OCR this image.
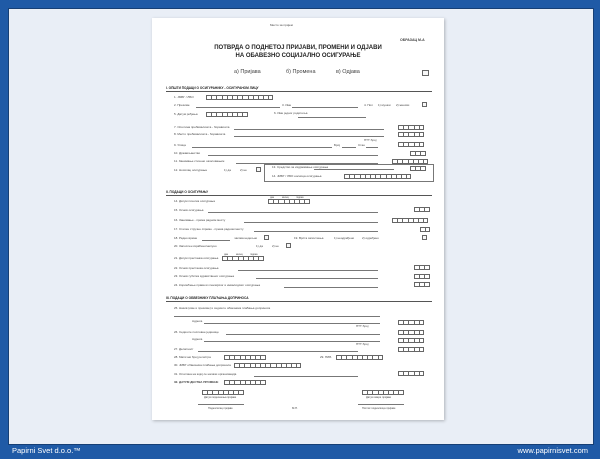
Место за пријем
ОБРАЗАЦ М-А
ПОТВРДА О ПОДНЕТОЈ ПРИЈАВИ, ПРОМЕНИ И ОДЈАВИ
НА ОБАВЕЗНО СОЦИЈАЛНО ОСИГУРАЊЕ
а) Пријава	б) Промена	в) Одјава
I. ОПШТИ ПОДАЦИ О ОСИГУРАНИКУ - ОСИГУРАНОМ ЛИЦУ
1. ЈМБГ / ЛБО
2. Презиме	3. Име	4. Пол 1) мушки 2) женски
5. Датум рођења	6. Име једног родитеља
7. Општина пребивалишта - боравишта
8. Место пребивалишта - боравишта
ПТТ број
9. Улица	Број	Стан
10. Држављанство
11. Занимање стечено школовањем
12. Носилац осигурања	1) да	2) не
13. Средство за издржавање осигурања
14. ЈМБГ / ЛБО носиоца осигурања
II. ПОДАЦИ О ОСИГУРАЊУ
14. Датум почетка осигурања
дан	месец	година
15. Основ осигурања
16. Занимање - према радном месту
17. Степен стручне спреме - према радном месту
18. Радно време	часова недељно	19. Врста запослења	1) неодређено	2) одређено
20. Запослен скраћено/непуно	1) да	2) не
21. Датум престанка осигурања
дан	месец	година
22. Основ престанка осигурања
23. Основ губитка здравственог осигурања
24. Коришћење права из пензијског и инвалидског осигурања
III. ПОДАЦИ О ОБВЕЗНИКУ ПЛАЋАЊА ДОПРИНОСА
25. Назив (име и презиме) и седиште обвезника плаћања доприноса
Адреса
ПТТ број
26. Седиште пословне јединице
Адреса
ПТТ број
27. Делатност
28. Матични број регистра	29. ПИБ
30. ЈМБГ обвезника плаћања доприноса
31. Општина на којој се налази организација
32. ДАТУМ ДЕСТВА ПРОМЕНЕ
Датум подношења пријаве	Датум овере пријаве
Подносилац пријаве	М.П.	Потпис подносиоца пријаве
Papirni Svet d.o.o.™	www.papirnisvet.com
